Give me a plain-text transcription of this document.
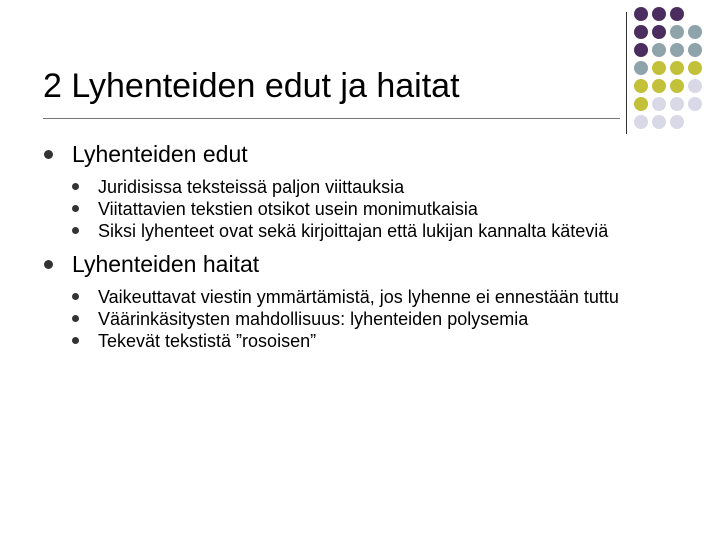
2 Lyhenteiden edut ja haitat
Lyhenteiden edut
Juridisissa teksteissä paljon viittauksia
Viitattavien tekstien otsikot usein monimutkaisia
Siksi lyhenteet ovat sekä kirjoittajan että lukijan kannalta käteviä
Lyhenteiden haitat
Vaikeuttavat viestin ymmärtämistä, jos lyhenne ei ennestään tuttu
Väärinkäsitysten mahdollisuus: lyhenteiden polysemia
Tekevät tekstistä ”rosoisen”
